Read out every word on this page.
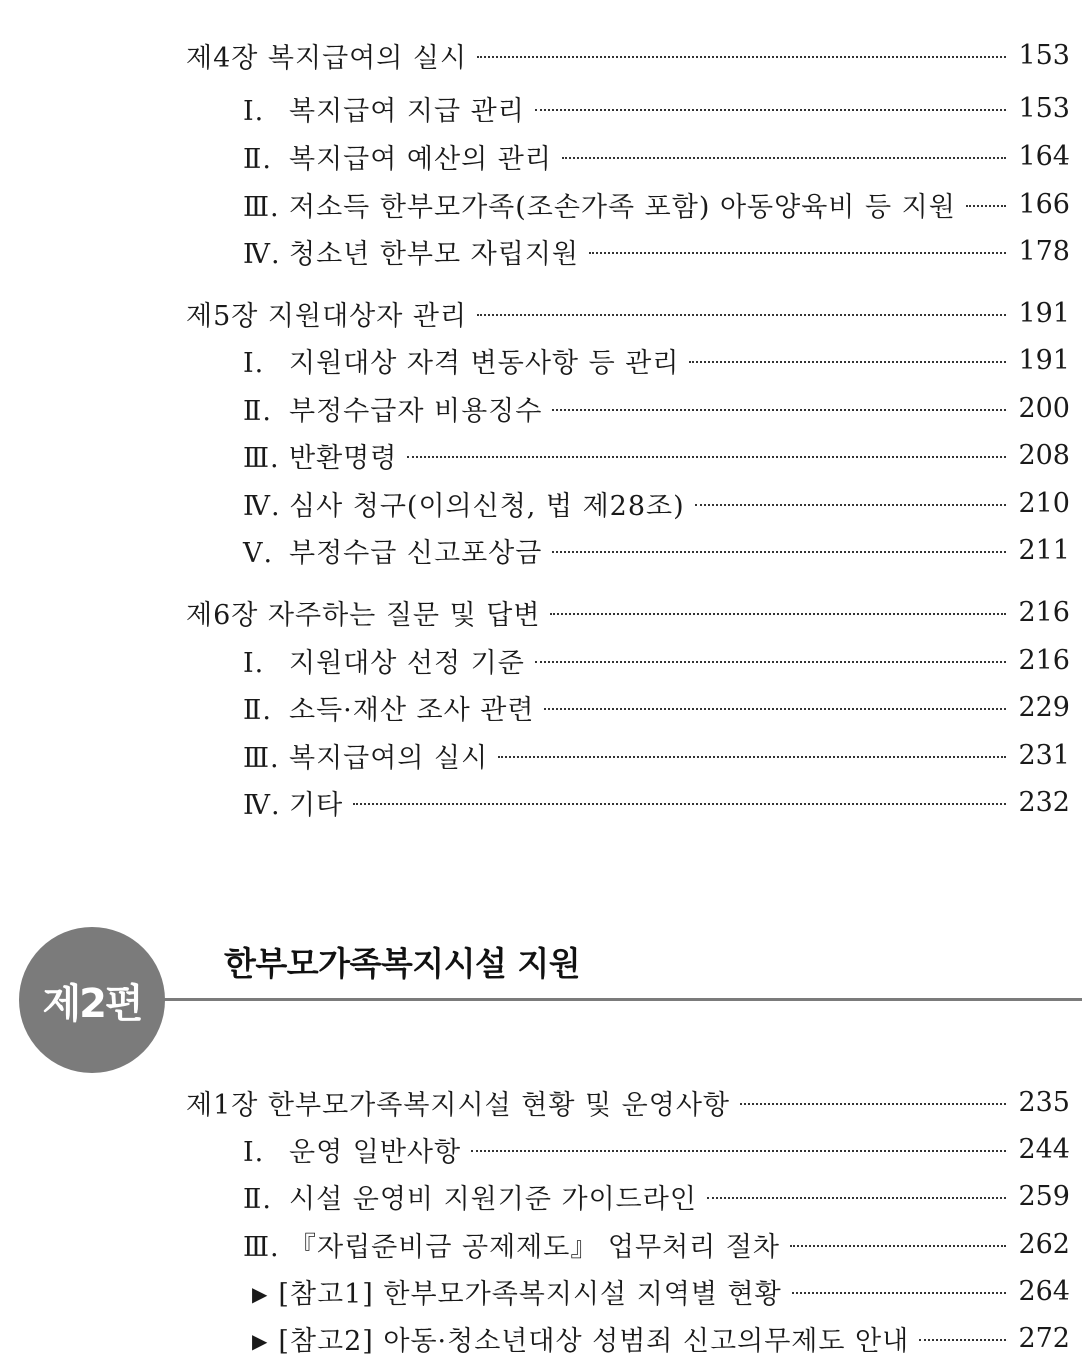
제4장 복지급여의 실시	153
Ⅰ. 복지급여 지급 관리	153
Ⅱ. 복지급여 예산의 관리	164
Ⅲ. 저소득 한부모가족(조손가족 포함) 아동양육비 등 지원 166
Ⅳ. 청소년 한부모 자립지원	178
제5장 지원대상자 관리	191
Ⅰ. 지원대상 자격 변동사항 등 관리	191
Ⅱ. 부정수급자 비용징수	200
Ⅲ. 반환명령	208
Ⅳ. 심사 청구(이의신청, 법 제28조)	210
Ⅴ. 부정수급 신고포상금	211
제6장 자주하는 질문 및 답변	216
Ⅰ. 지원대상 선정 기준	216
Ⅱ. 소득·재산 조사 관련	229
Ⅲ. 복지급여의 실시	231
Ⅳ. 기타	232
제2편
한부모가족복지시설 지원
제1장 한부모가족복지시설 현황 및 운영사항	235
Ⅰ. 운영 일반사항	244
Ⅱ. 시설 운영비 지원기준 가이드라인	259
Ⅲ. 『자립준비금 공제제도』 업무처리 절차	262
▶ [참고1] 한부모가족복지시설 지역별 현황	264
▶ [참고2] 아동·청소년대상 성범죄 신고의무제도 안내	272
